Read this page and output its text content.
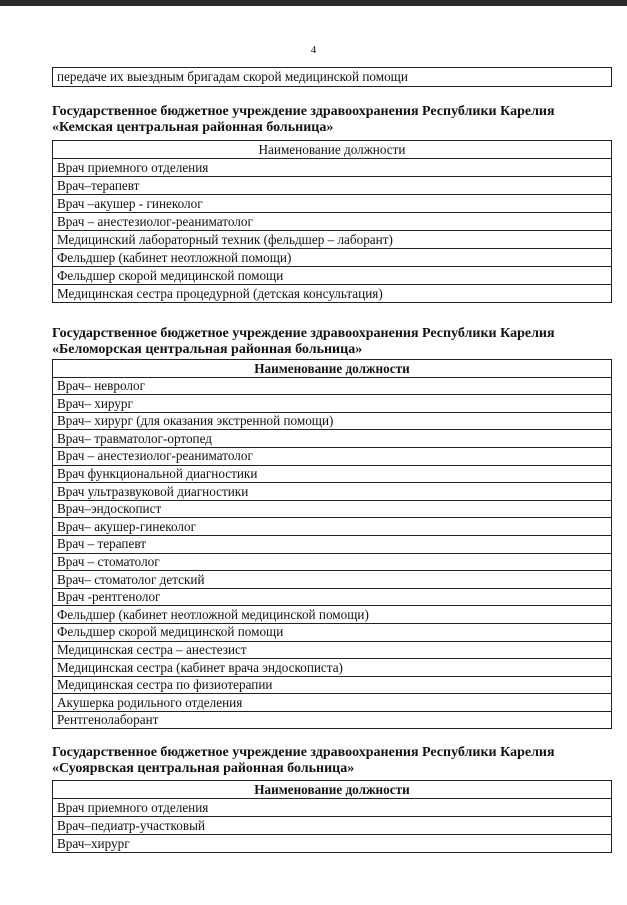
4
передаче их выездным бригадам скорой медицинской помощи
Государственное бюджетное учреждение здравоохранения Республики Карелия
«Кемская центральная районная больница»
Наименование должности
Врач приемного отделения
Врач–терапевт
Врач –акушер - гинеколог
Врач – анестезиолог-реаниматолог
Медицинский лабораторный техник (фельдшер – лаборант)
Фельдшер (кабинет неотложной помощи)
Фельдшер скорой медицинской помощи
Медицинская сестра процедурной (детская консультация)
Государственное бюджетное учреждение здравоохранения Республики Карелия
«Беломорская центральная районная больница»
Наименование должности
Врач– невролог
Врач– хирург
Врач– хирург (для оказания экстренной помощи)
Врач– травматолог-ортопед
Врач – анестезиолог-реаниматолог
Врач функциональной диагностики
Врач ультразвуковой диагностики
Врач–эндоскопист
Врач– акушер-гинеколог
Врач – терапевт
Врач – стоматолог
Врач– стоматолог детский
Врач -рентгенолог
Фельдшер (кабинет неотложной медицинской помощи)
Фельдшер скорой медицинской помощи
Медицинская сестра – анестезист
Медицинская сестра (кабинет врача эндоскописта)
Медицинская сестра по физиотерапии
Акушерка родильного отделения
Рентгенолаборант
Государственное бюджетное учреждение здравоохранения Республики Карелия
«Суоярвская центральная районная больница»
Наименование должности
Врач приемного отделения
Врач–педиатр-участковый
Врач–хирург
